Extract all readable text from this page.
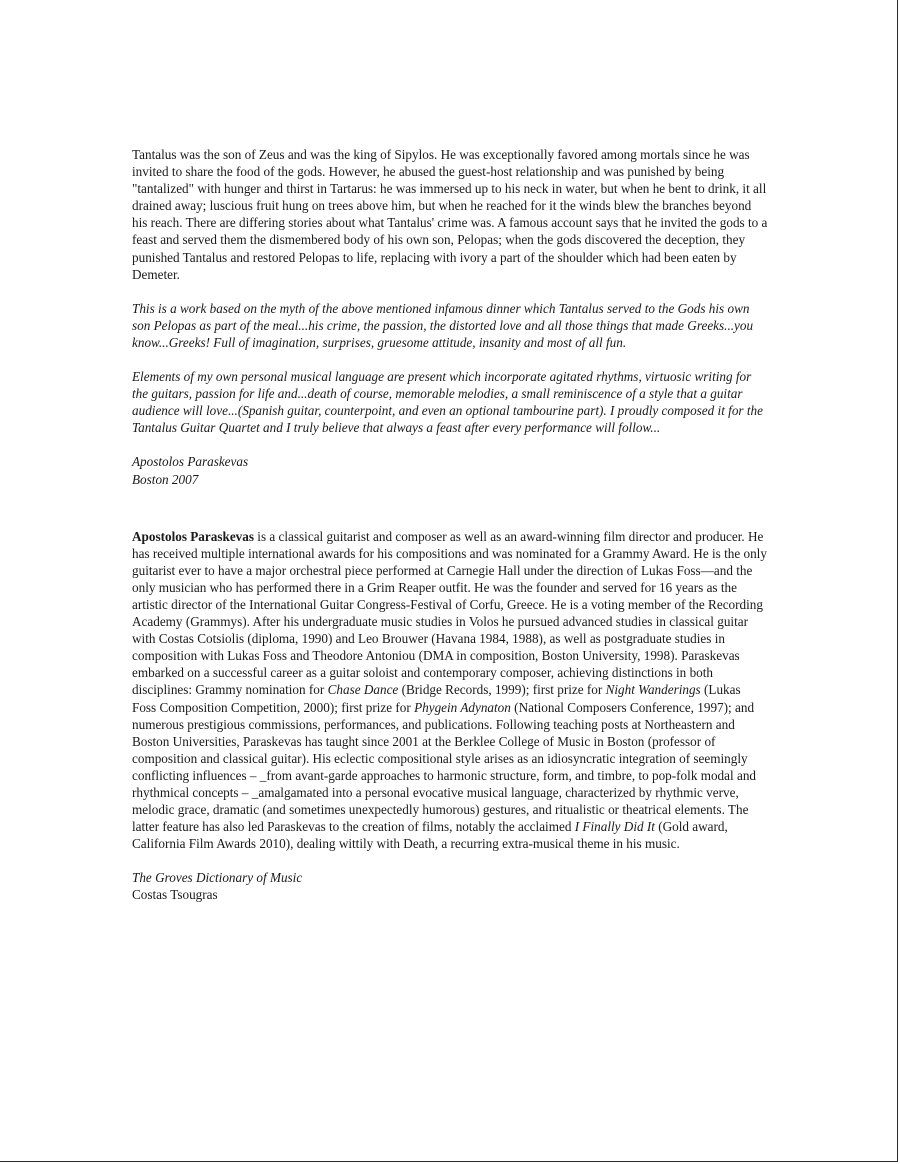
Tantalus was the son of Zeus and was the king of Sipylos. He was exceptionally favored among mortals since he was invited to share the food of the gods. However, he abused the guest-host relationship and was punished by being "tantalized" with hunger and thirst in Tartarus: he was immersed up to his neck in water, but when he bent to drink, it all drained away; luscious fruit hung on trees above him, but when he reached for it the winds blew the branches beyond his reach. There are differing stories about what Tantalus' crime was. A famous account says that he invited the gods to a feast and served them the dismembered body of his own son, Pelopas; when the gods discovered the deception, they punished Tantalus and restored Pelopas to life, replacing with ivory a part of the shoulder which had been eaten by Demeter.

This is a work based on the myth of the above mentioned infamous dinner which Tantalus served to the Gods his own son Pelopas as part of the meal...his crime, the passion, the distorted love and all those things that made Greeks...you know...Greeks! Full of imagination, surprises, gruesome attitude, insanity and most of all fun.

Elements of my own personal musical language are present which incorporate agitated rhythms, virtuosic writing for the guitars, passion for life and...death of course, memorable melodies, a small reminiscence of a style that a guitar audience will love...(Spanish guitar, counterpoint, and even an optional tambourine part). I proudly composed it for the Tantalus Guitar Quartet and I truly believe that always a feast after every performance will follow...

Apostolos Paraskevas

Boston 2007

Apostolos Paraskevas is a classical guitarist and composer as well as an award-winning film director and producer. He has received multiple international awards for his compositions and was nominated for a Grammy Award. He is the only guitarist ever to have a major orchestral piece performed at Carnegie Hall under the direction of Lukas Foss—and the only musician who has performed there in a Grim Reaper outfit. He was the founder and served for 16 years as the artistic director of the International Guitar Congress-Festival of Corfu, Greece. He is a voting member of the Recording Academy (Grammys). After his undergraduate music studies in Volos he pursued advanced studies in classical guitar with Costas Cotsiolis (diploma, 1990) and Leo Brouwer (Havana 1984, 1988), as well as postgraduate studies in composition with Lukas Foss and Theodore Antoniou (DMA in composition, Boston University, 1998). Paraskevas embarked on a successful career as a guitar soloist and contemporary composer, achieving distinctions in both disciplines: Grammy nomination for Chase Dance (Bridge Records, 1999); first prize for Night Wanderings (Lukas Foss Composition Competition, 2000); first prize for Phygein Adynaton (National Composers Conference, 1997); and numerous prestigious commissions, performances, and publications. Following teaching posts at Northeastern and Boston Universities, Paraskevas has taught since 2001 at the Berklee College of Music in Boston (professor of composition and classical guitar). His eclectic compositional style arises as an idiosyncratic integration of seemingly conflicting influences – _from avant-garde approaches to harmonic structure, form, and timbre, to pop-folk modal and rhythmical concepts – _amalgamated into a personal evocative musical language, characterized by rhythmic verve, melodic grace, dramatic (and sometimes unexpectedly humorous) gestures, and ritualistic or theatrical elements. The latter feature has also led Paraskevas to the creation of films, notably the acclaimed I Finally Did It (Gold award, California Film Awards 2010), dealing wittily with Death, a recurring extra-musical theme in his music.

The Groves Dictionary of Music

Costas Tsougras
